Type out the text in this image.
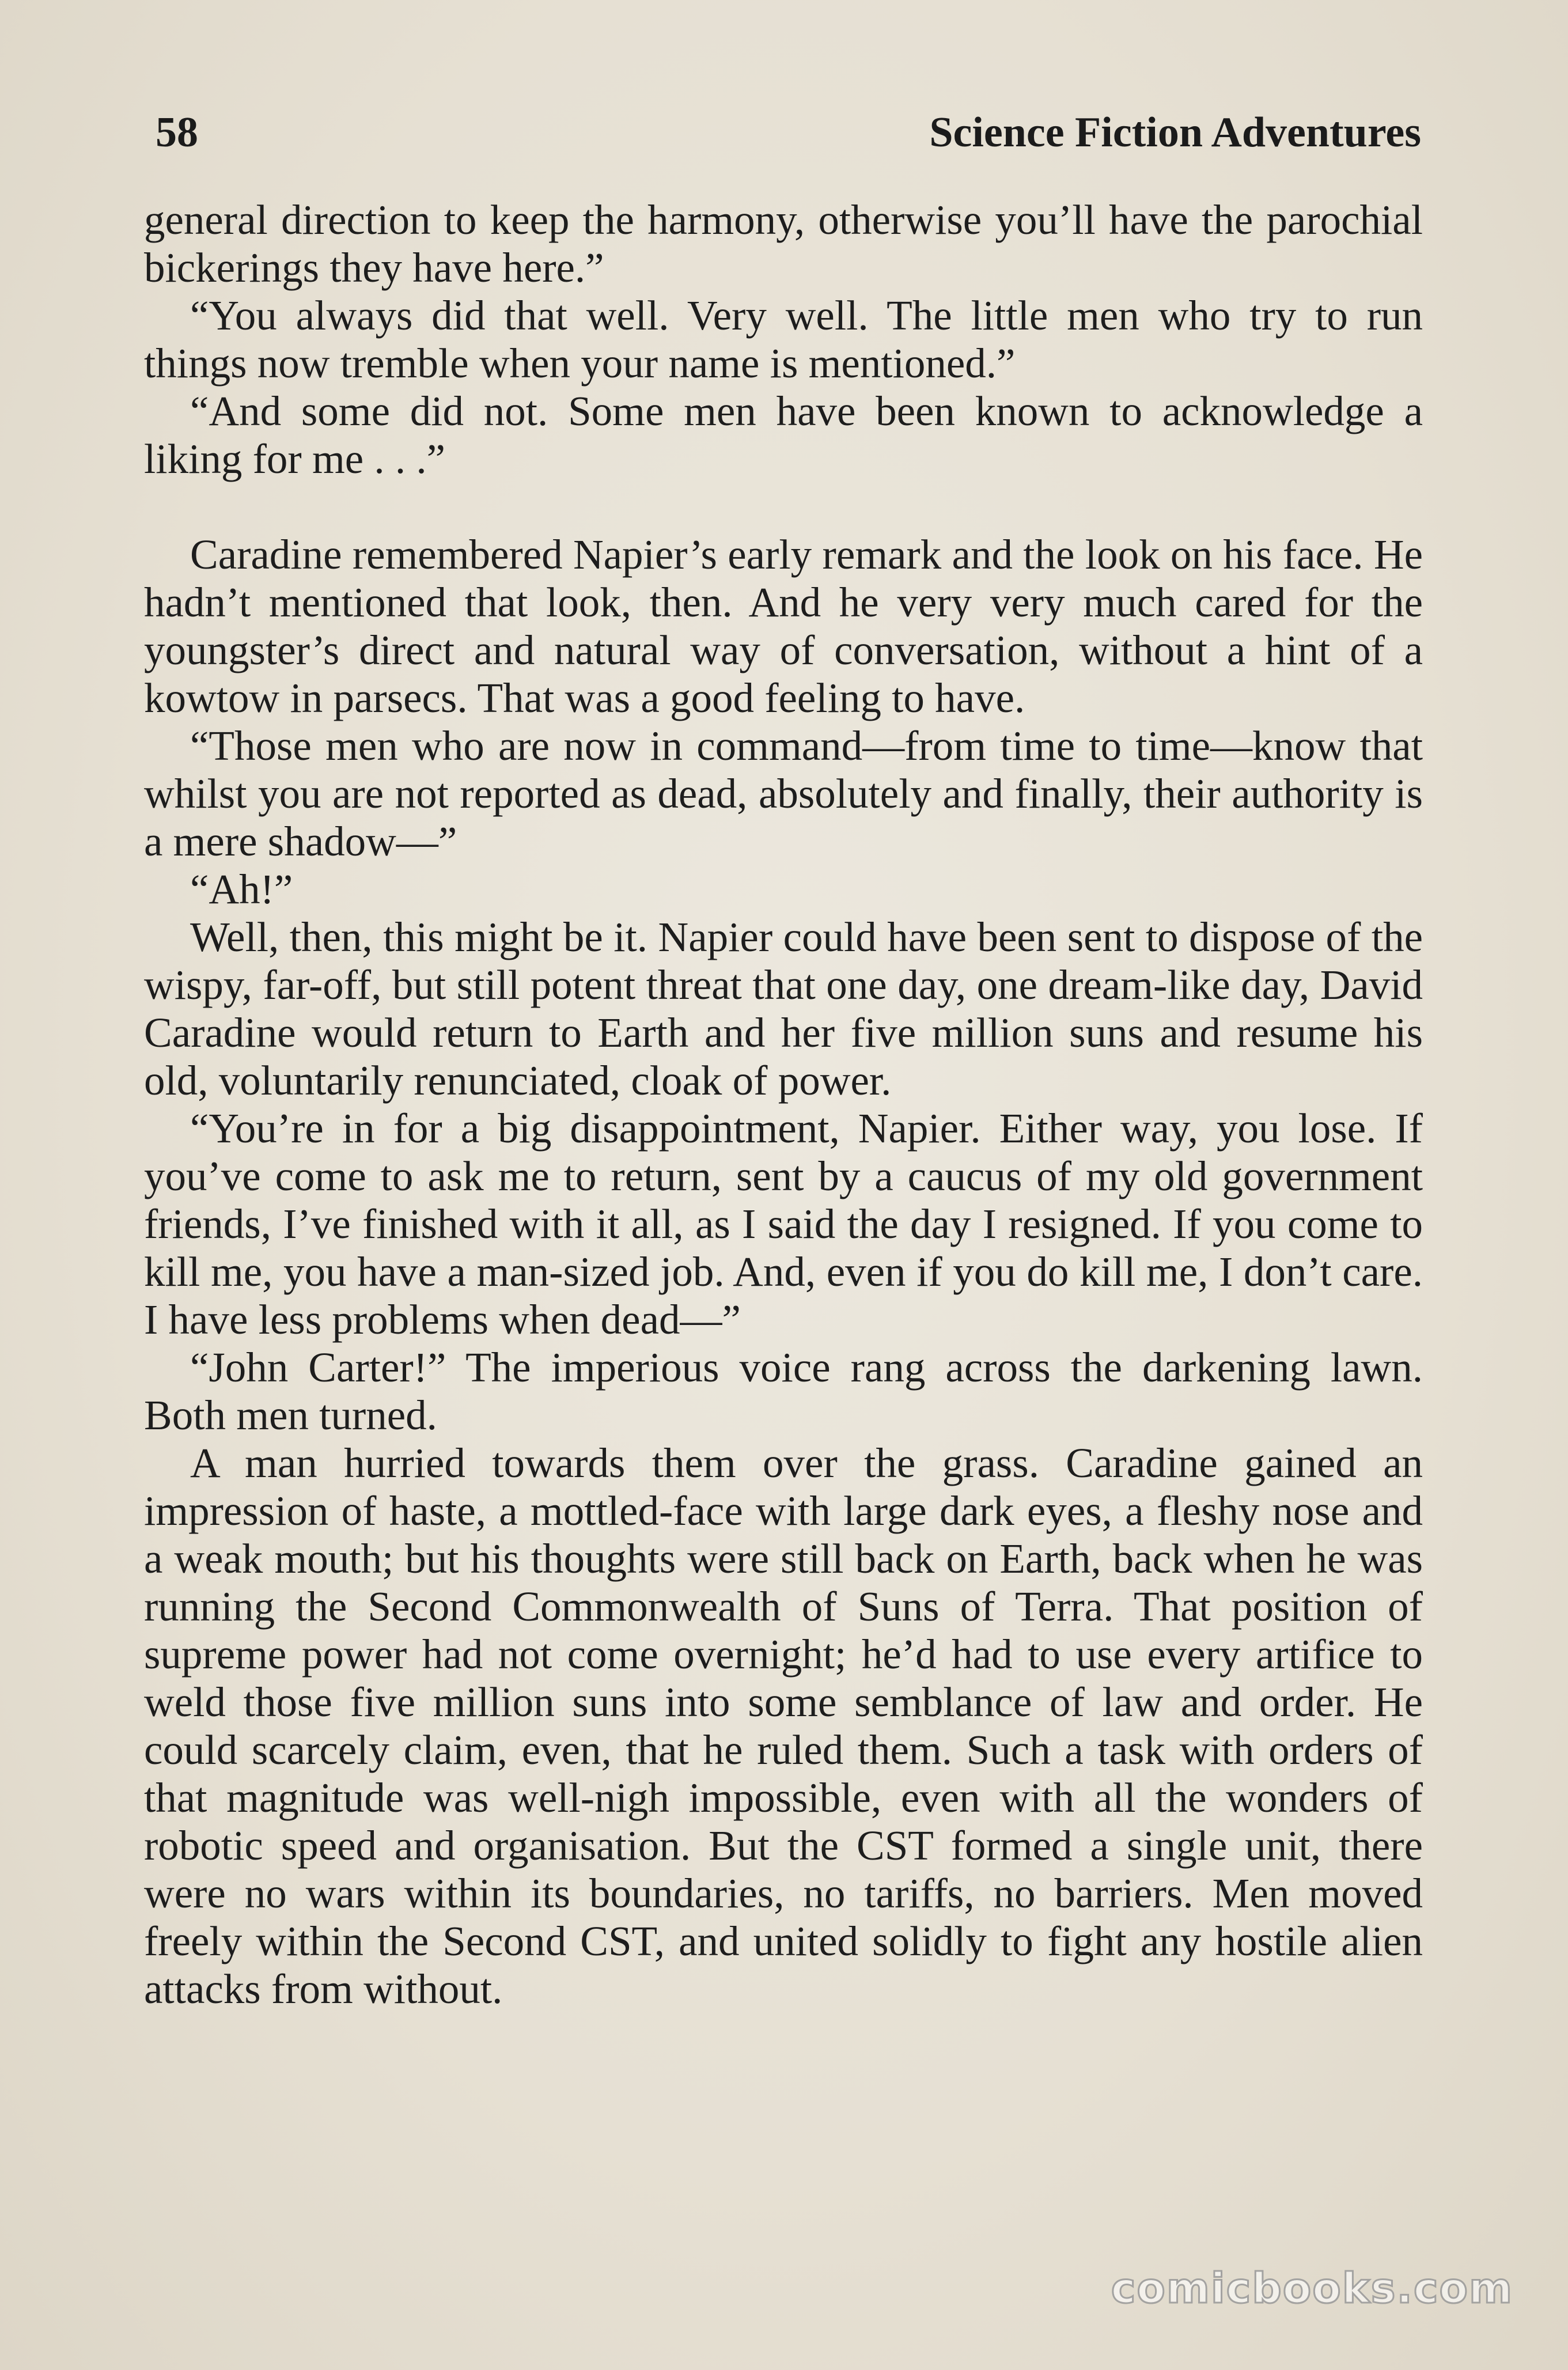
58	Science Fiction Adventures

general direction to keep the harmony, otherwise you’ll have the parochial bickerings they have here.”

“You always did that well. Very well. The little men who try to run things now tremble when your name is mentioned.”

“And some did not. Some men have been known to acknowledge a liking for me . . .”

Caradine remembered Napier’s early remark and the look on his face. He hadn’t mentioned that look, then. And he very very much cared for the youngster’s direct and natural way of conversation, without a hint of a kowtow in parsecs. That was a good feeling to have.

“Those men who are now in command—from time to time—know that whilst you are not reported as dead, absolutely and finally, their authority is a mere shadow—”

“Ah!”

Well, then, this might be it. Napier could have been sent to dispose of the wispy, far-off, but still potent threat that one day, one dream-like day, David Caradine would return to Earth and her five million suns and resume his old, voluntarily renunciated, cloak of power.

“You’re in for a big disappointment, Napier. Either way, you lose. If you’ve come to ask me to return, sent by a caucus of my old government friends, I’ve finished with it all, as I said the day I resigned. If you come to kill me, you have a man-sized job. And, even if you do kill me, I don’t care. I have less problems when dead—”

“John Carter!” The imperious voice rang across the darkening lawn. Both men turned.

A man hurried towards them over the grass. Caradine gained an impression of haste, a mottled-face with large dark eyes, a fleshy nose and a weak mouth; but his thoughts were still back on Earth, back when he was running the Second Commonwealth of Suns of Terra. That position of supreme power had not come overnight; he’d had to use every artifice to weld those five million suns into some semblance of law and order. He could scarcely claim, even, that he ruled them. Such a task with orders of that magnitude was well-nigh impossible, even with all the wonders of robotic speed and organisation. But the CST formed a single unit, there were no wars within its boundaries, no tariffs, no barriers. Men moved freely within the Second CST, and united solidly to fight any hostile alien attacks from without.

comicbooks.com
